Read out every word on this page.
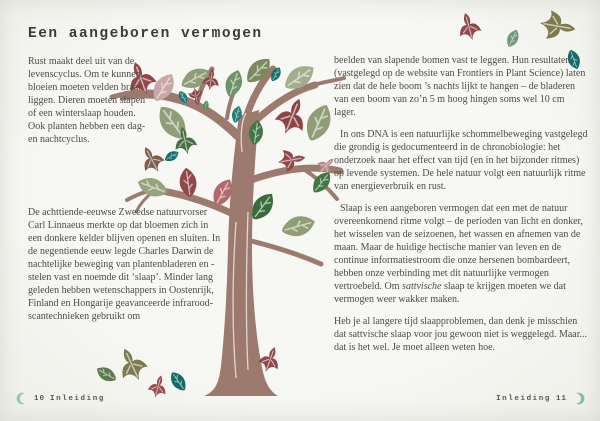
Een aangeboren vermogen

Rust maakt deel uit van de levenscyclus. Om te kunnen bloeien moeten velden braak liggen. Dieren moeten slapen of een winterslaap houden. Ook planten hebben een dag- en nachtcyclus.

De achttiende-eeuwse Zweedse natuurvorser Carl Linnaeus merkte op dat bloemen zich in een donkere kelder blijven openen en sluiten. In de negentiende eeuw legde Charles Darwin de nachtelijke beweging van plantenbladeren en -stelen vast en noemde dit ‘slaap’. Minder lang geleden hebben wetenschappers in Oostenrijk, Finland en Hongarije geavanceerde infrarood-scantechnieken gebruikt om

beelden van slapende bomen vast te leggen. Hun resultaten (vastgelegd op de website van Frontiers in Plant Science) laten zien dat de hele boom ’s nachts lijkt te hangen – de bladeren van een boom van zo’n 5 m hoog hingen soms wel 10 cm lager.

In ons DNA is een natuurlijke schommelbeweging vastgelegd die grondig is gedocumenteerd in de chronobiologie: het onderzoek naar het effect van tijd (en in het bijzonder ritmes) op levende systemen. De hele natuur volgt een natuurlijk ritme van energieverbruik en rust.

Slaap is een aangeboren vermogen dat een met de natuur overeenkomend ritme volgt – de perioden van licht en donker, het wisselen van de seizoenen, het wassen en afnemen van de maan. Maar de huidige hectische manier van leven en de continue informatiestroom die onze hersenen bombardeert, hebben onze verbinding met dit natuurlijke vermogen vertroebeld. Om sattvische slaap te krijgen moeten we dat vermogen weer wakker maken.

Heb je al langere tijd slaapproblemen, dan denk je misschien dat sattvische slaap voor jou gewoon niet is weggelegd. Maar... dat is het wel. Je moet alleen weten hoe.

10 Inleiding	Inleiding 11
